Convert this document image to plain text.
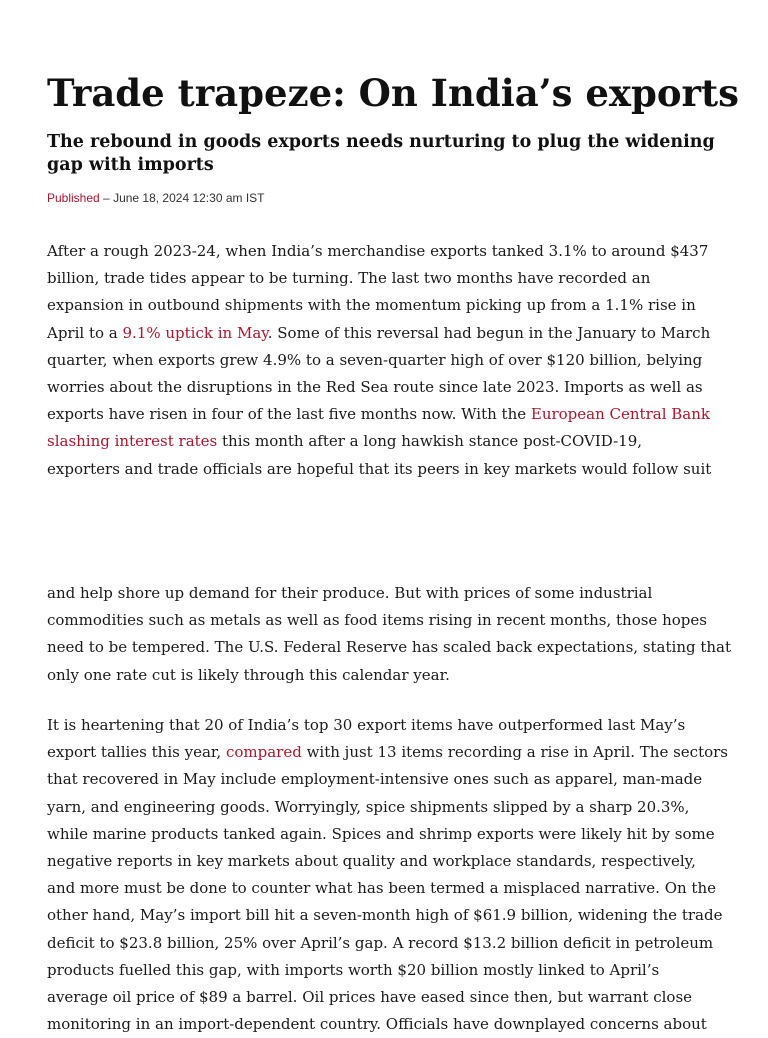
Trade trapeze: On India’s exports
The rebound in goods exports needs nurturing to plug the widening gap with imports
Published – June 18, 2024 12:30 am IST

After a rough 2023-24, when India’s merchandise exports tanked 3.1% to around $437
billion, trade tides appear to be turning. The last two months have recorded an
expansion in outbound shipments with the momentum picking up from a 1.1% rise in
April to a 9.1% uptick in May. Some of this reversal had begun in the January to March
quarter, when exports grew 4.9% to a seven-quarter high of over $120 billion, belying
worries about the disruptions in the Red Sea route since late 2023. Imports as well as
exports have risen in four of the last five months now. With the European Central Bank
slashing interest rates this month after a long hawkish stance post-COVID-19,
exporters and trade officials are hopeful that its peers in key markets would follow suit

and help shore up demand for their produce. But with prices of some industrial
commodities such as metals as well as food items rising in recent months, those hopes
need to be tempered. The U.S. Federal Reserve has scaled back expectations, stating that
only one rate cut is likely through this calendar year.

It is heartening that 20 of India’s top 30 export items have outperformed last May’s
export tallies this year, compared with just 13 items recording a rise in April. The sectors
that recovered in May include employment-intensive ones such as apparel, man-made
yarn, and engineering goods. Worryingly, spice shipments slipped by a sharp 20.3%,
while marine products tanked again. Spices and shrimp exports were likely hit by some
negative reports in key markets about quality and workplace standards, respectively,
and more must be done to counter what has been termed a misplaced narrative. On the
other hand, May’s import bill hit a seven-month high of $61.9 billion, widening the trade
deficit to $23.8 billion, 25% over April’s gap. A record $13.2 billion deficit in petroleum
products fuelled this gap, with imports worth $20 billion mostly linked to April’s
average oil price of $89 a barrel. Oil prices have eased since then, but warrant close
monitoring in an import-dependent country. Officials have downplayed concerns about
